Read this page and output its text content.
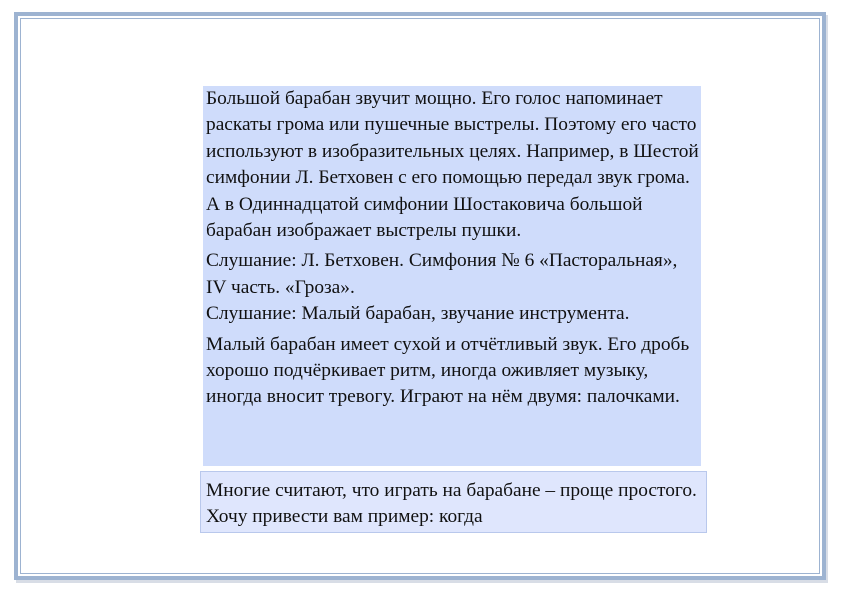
Большой барабан звучит мощно. Его голос напоминает раскаты грома или пушечные выстрелы. Поэтому его часто используют в изобразительных целях. Например, в Шестой симфонии Л. Бетховен с его помощью передал звук грома. А в Одиннадцатой симфонии Шостаковича большой барабан изображает выстрелы пушки.

Слушание: Л. Бетховен. Симфония № 6 «Пасторальная», IV часть. «Гроза».

Слушание: Малый барабан, звучание инструмента.

Малый барабан имеет сухой и отчётливый звук. Его дробь хорошо подчёркивает ритм, иногда оживляет музыку, иногда вносит тревогу. Играют на нём двумя: палочками.

Многие считают, что играть на барабане – проще простого. Хочу привести вам пример: когда
